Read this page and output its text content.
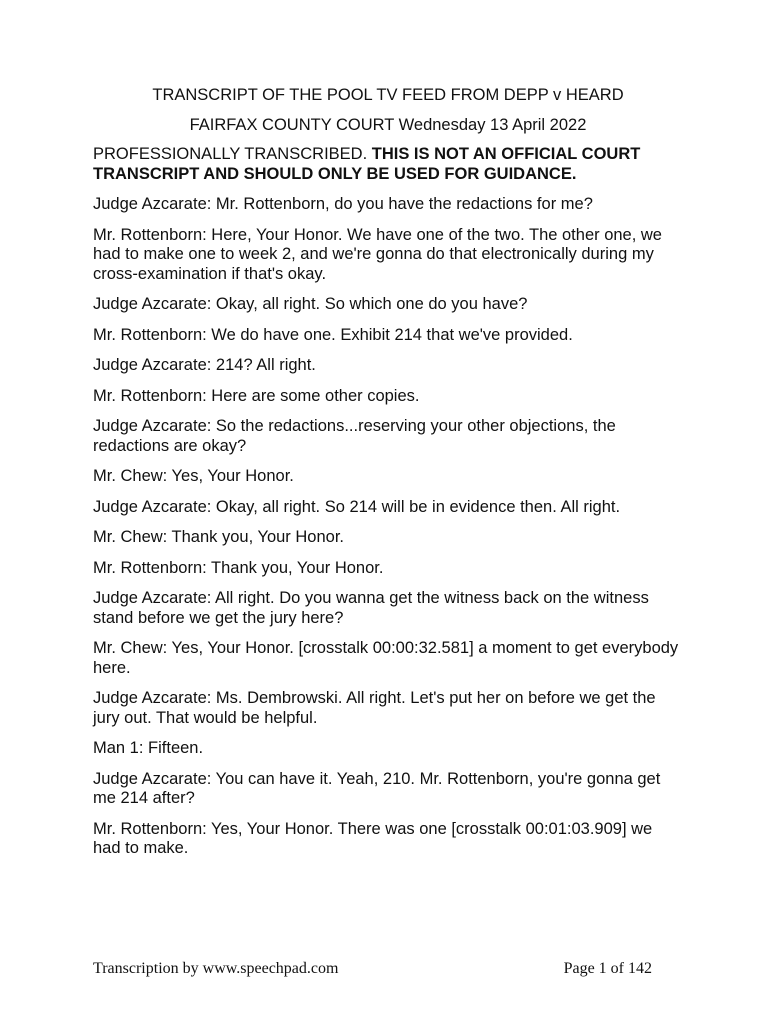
TRANSCRIPT OF THE POOL TV FEED FROM DEPP v HEARD
FAIRFAX COUNTY COURT Wednesday 13 April 2022
PROFESSIONALLY TRANSCRIBED. THIS IS NOT AN OFFICIAL COURT TRANSCRIPT AND SHOULD ONLY BE USED FOR GUIDANCE.
Judge Azcarate: Mr. Rottenborn, do you have the redactions for me?
Mr. Rottenborn: Here, Your Honor. We have one of the two. The other one, we had to make one to week 2, and we're gonna do that electronically during my cross-examination if that's okay.
Judge Azcarate: Okay, all right. So which one do you have?
Mr. Rottenborn: We do have one. Exhibit 214 that we've provided.
Judge Azcarate: 214? All right.
Mr. Rottenborn: Here are some other copies.
Judge Azcarate: So the redactions...reserving your other objections, the redactions are okay?
Mr. Chew: Yes, Your Honor.
Judge Azcarate: Okay, all right. So 214 will be in evidence then. All right.
Mr. Chew: Thank you, Your Honor.
Mr. Rottenborn: Thank you, Your Honor.
Judge Azcarate: All right. Do you wanna get the witness back on the witness stand before we get the jury here?
Mr. Chew: Yes, Your Honor. [crosstalk 00:00:32.581] a moment to get everybody here.
Judge Azcarate: Ms. Dembrowski. All right. Let's put her on before we get the jury out. That would be helpful.
Man 1: Fifteen.
Judge Azcarate: You can have it. Yeah, 210. Mr. Rottenborn, you're gonna get me 214 after?
Mr. Rottenborn: Yes, Your Honor. There was one [crosstalk 00:01:03.909] we had to make.
Transcription by www.speechpad.com	Page 1 of 142
